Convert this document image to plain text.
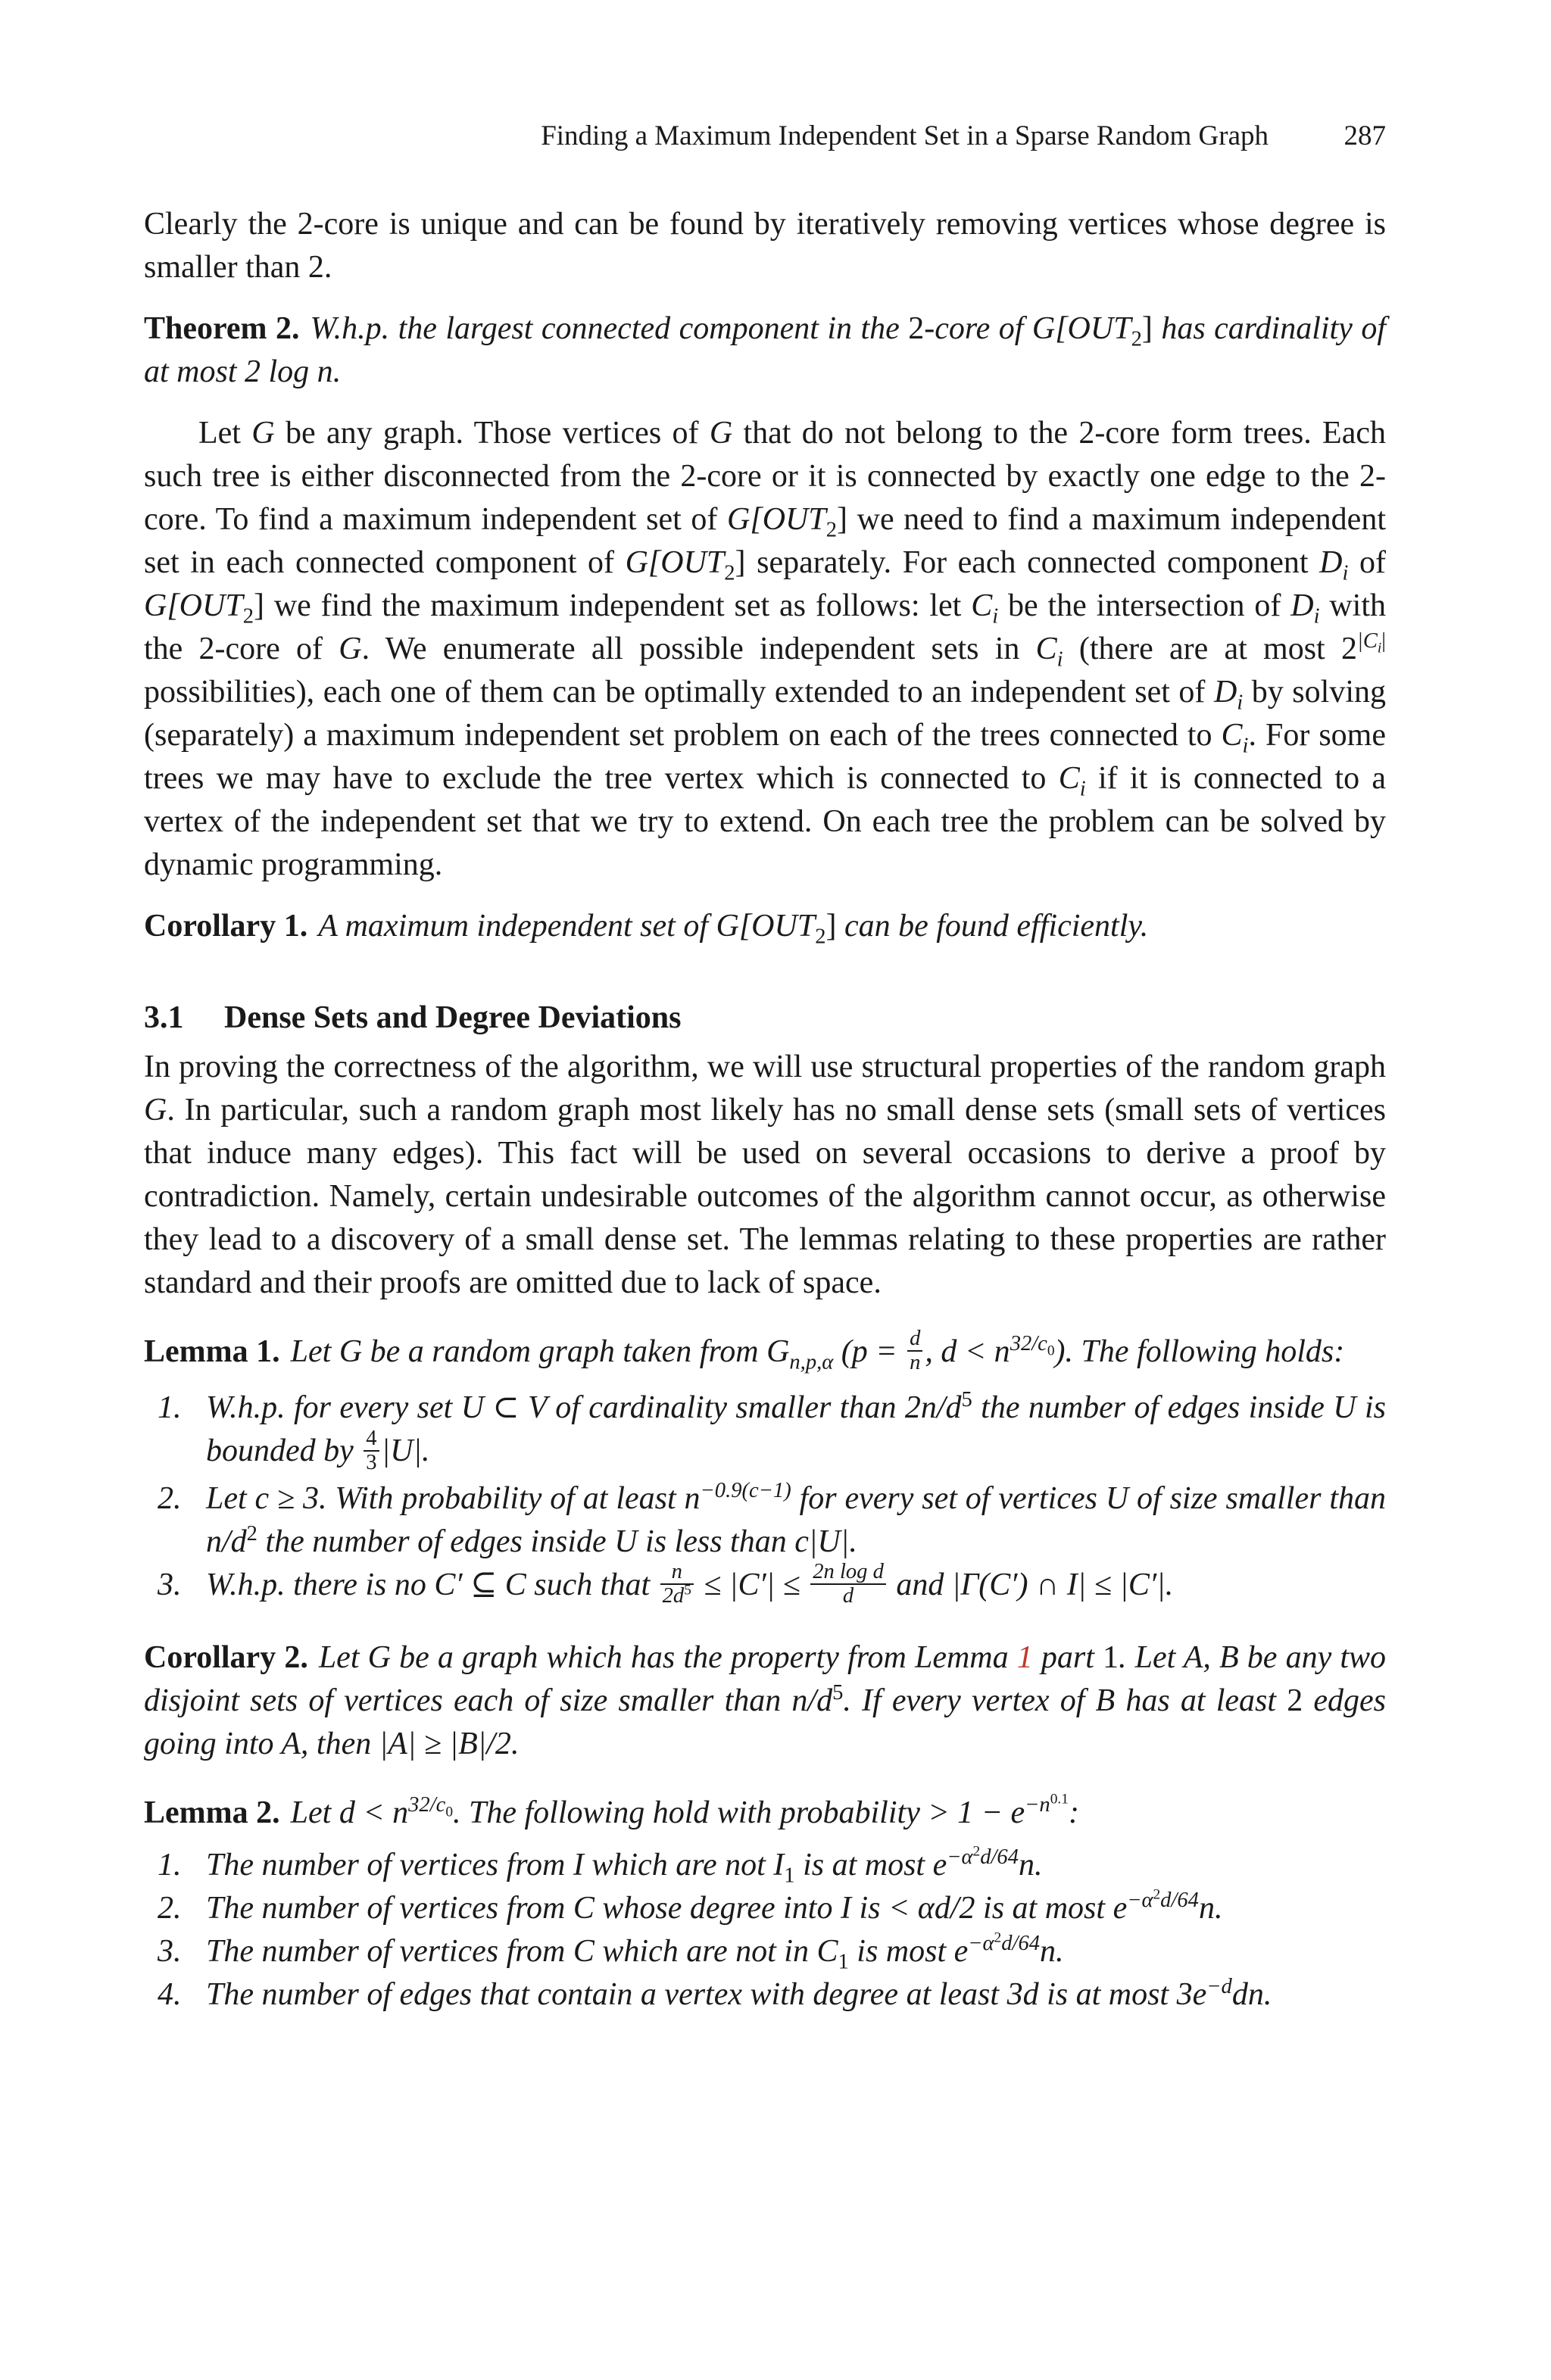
Finding a Maximum Independent Set in a Sparse Random Graph	287

Clearly the 2-core is unique and can be found by iteratively removing vertices whose degree is smaller than 2.

Theorem 2. W.h.p. the largest connected component in the 2-core of $G[OUT_2]$ has cardinality of at most 2 log n.

Let G be any graph. Those vertices of G that do not belong to the 2-core form trees. Each such tree is either disconnected from the 2-core or it is connected by exactly one edge to the 2-core. To find a maximum independent set of $G[OUT_2]$ we need to find a maximum independent set in each connected component of $G[OUT_2]$ separately. For each connected component $D_i$ of $G[OUT_2]$ we find the maximum independent set as follows: let $C_i$ be the intersection of $D_i$ with the 2-core of G. We enumerate all possible independent sets in $C_i$ (there are at most $2^{|C_i|}$ possibilities), each one of them can be optimally extended to an independent set of $D_i$ by solving (separately) a maximum independent set problem on each of the trees connected to $C_i$. For some trees we may have to exclude the tree vertex which is connected to $C_i$ if it is connected to a vertex of the independent set that we try to extend. On each tree the problem can be solved by dynamic programming.

Corollary 1. A maximum independent set of $G[OUT_2]$ can be found efficiently.

3.1 Dense Sets and Degree Deviations

In proving the correctness of the algorithm, we will use structural properties of the random graph G. In particular, such a random graph most likely has no small dense sets (small sets of vertices that induce many edges). This fact will be used on several occasions to derive a proof by contradiction. Namely, certain undesirable outcomes of the algorithm cannot occur, as otherwise they lead to a discovery of a small dense set. The lemmas relating to these properties are rather standard and their proofs are omitted due to lack of space.

Lemma 1. Let G be a random graph taken from $G_{n,p,\alpha}$ ($p = \frac{d}{n}$ , $d < n^{32/c_0}$). The following holds:

1. W.h.p. for every set U ⊂ V of cardinality smaller than $2n/d^5$ the number of edges inside U is bounded by $\frac{4}{3} |U|$.
2. Let c ≥ 3. With probability of at least $n^{-0.9(c-1)}$ for every set of vertices U of size smaller than $n/d^2$ the number of edges inside U is less than c|U|.
3. W.h.p. there is no C′ ⊆ C such that $\frac{n}{2d^5} \le |C'| \le \frac{\text{2n log d}}{d}$ and |Γ(C′) ∩ I| ≤ |C′|.

Corollary 2. Let G be a graph which has the property from Lemma 1 part 1. Let A, B be any two disjoint sets of vertices each of size smaller than $n/d^5$. If every vertex of B has at least 2 edges going into A, then |A| ≥ |B|/2.

Lemma 2. Let $d < n^{32/c_0}$. The following hold with probability > $1 - e^{-n^{0.1}}$:

1. The number of vertices from I which are not $I_1$ is at most $e^{-\alpha^2d/64}n$.
2. The number of vertices from C whose degree into I is < αd/2 is at most $e^{-\alpha^2d/64}n$.
3. The number of vertices from C which are not in $C_1$ is most $e^{-\alpha^2d/64}n$.
4. The number of edges that contain a vertex with degree at least 3d is at most $3e^{-d}dn$.
